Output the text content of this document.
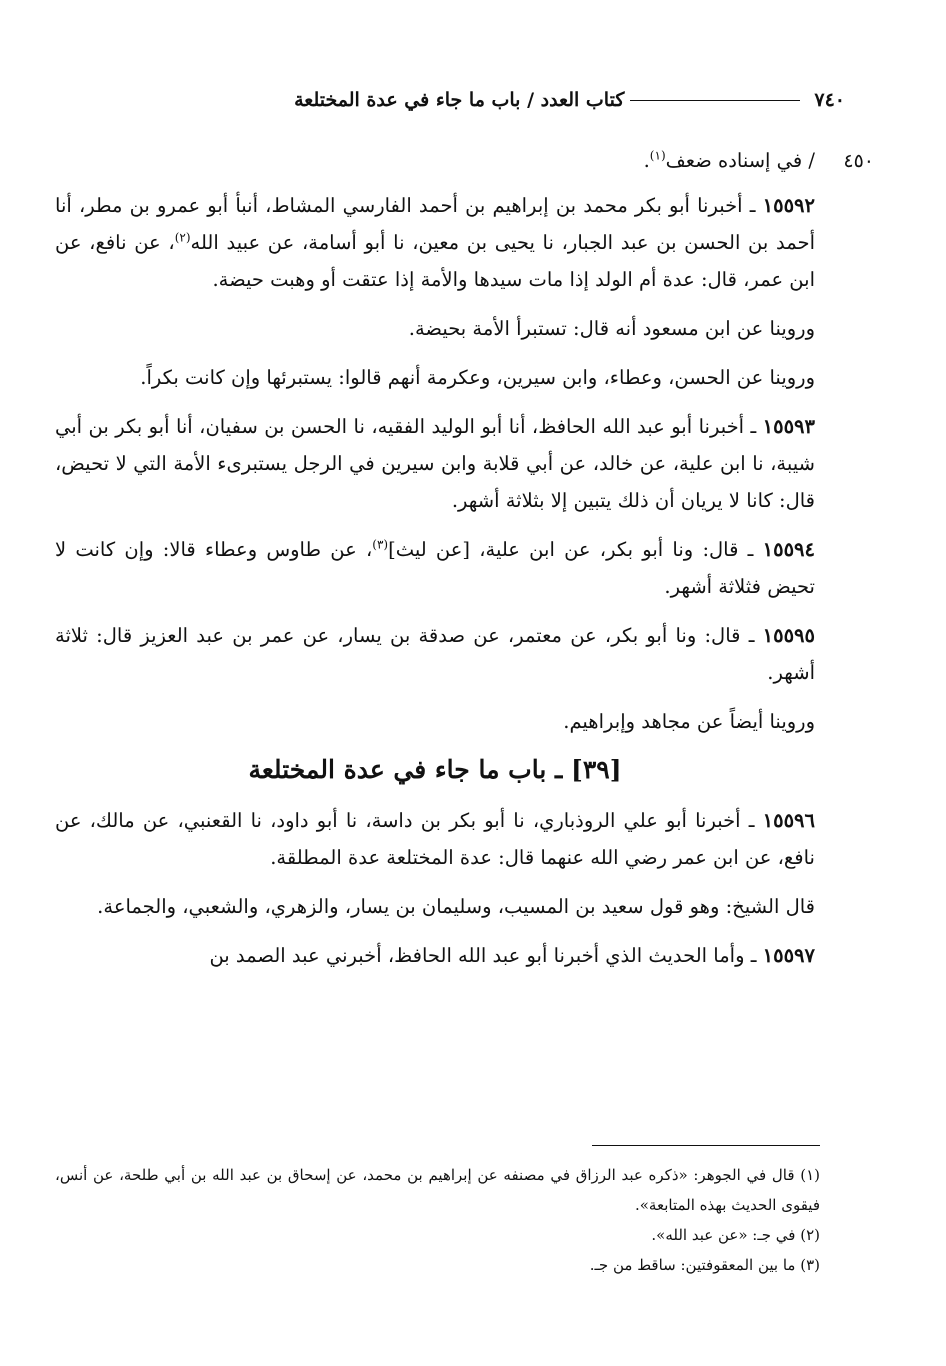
٧٤٠
كتاب العدد / باب ما جاء في عدة المختلعة
٤٥٠

/ في إسناده ضعف$^{(١)}$.

١٥٥٩٢ ـ أخبرنا أبو بكر محمد بن إبراهيم بن أحمد الفارسي المشاط، أنبأ أبو عمرو بن مطر، أنا أحمد بن الحسن بن عبد الجبار، نا يحيى بن معين، نا أبو أسامة، عن عبيد الله$^{(٢)}$، عن نافع، عن ابن عمر، قال: عدة أم الولد إذا مات سيدها والأمة إذا عتقت أو وهبت حيضة.

وروينا عن ابن مسعود أنه قال: تستبرأ الأمة بحيضة.

وروينا عن الحسن، وعطاء، وابن سيرين، وعكرمة أنهم قالوا: يستبرئها وإن كانت بكراً.

١٥٥٩٣ ـ أخبرنا أبو عبد الله الحافظ، أنا أبو الوليد الفقيه، نا الحسن بن سفيان، أنا أبو بكر بن أبي شيبة، نا ابن علية، عن خالد، عن أبي قلابة وابن سيرين في الرجل يستبرىء الأمة التي لا تحيض، قال: كانا لا يريان أن ذلك يتبين إلا بثلاثة أشهر.

١٥٥٩٤ ـ قال: ونا أبو بكر، عن ابن علية، [عن ليث]$^{(٣)}$، عن طاوس وعطاء قالا: وإن كانت لا تحيض فثلاثة أشهر.

١٥٥٩٥ ـ قال: ونا أبو بكر، عن معتمر، عن صدقة بن يسار، عن عمر بن عبد العزيز قال: ثلاثة أشهر.

وروينا أيضاً عن مجاهد وإبراهيم.

[٣٩] ـ باب ما جاء في عدة المختلعة

١٥٥٩٦ ـ أخبرنا أبو علي الروذباري، نا أبو بكر بن داسة، نا أبو داود، نا القعنبي، عن مالك، عن نافع، عن ابن عمر رضي الله عنهما قال: عدة المختلعة عدة المطلقة.

قال الشيخ: وهو قول سعيد بن المسيب، وسليمان بن يسار، والزهري، والشعبي، والجماعة.

١٥٥٩٧ ـ وأما الحديث الذي أخبرنا أبو عبد الله الحافظ، أخبرني عبد الصمد بن

(١) قال في الجوهر: «ذكره عبد الرزاق في مصنفه عن إبراهيم بن محمد، عن إسحاق بن عبد الله بن أبي طلحة، عن أنس، فيقوى الحديث بهذه المتابعة».

(٢) في جـ: «عن عبد الله».

(٣) ما بين المعقوفتين: ساقط من جـ.
